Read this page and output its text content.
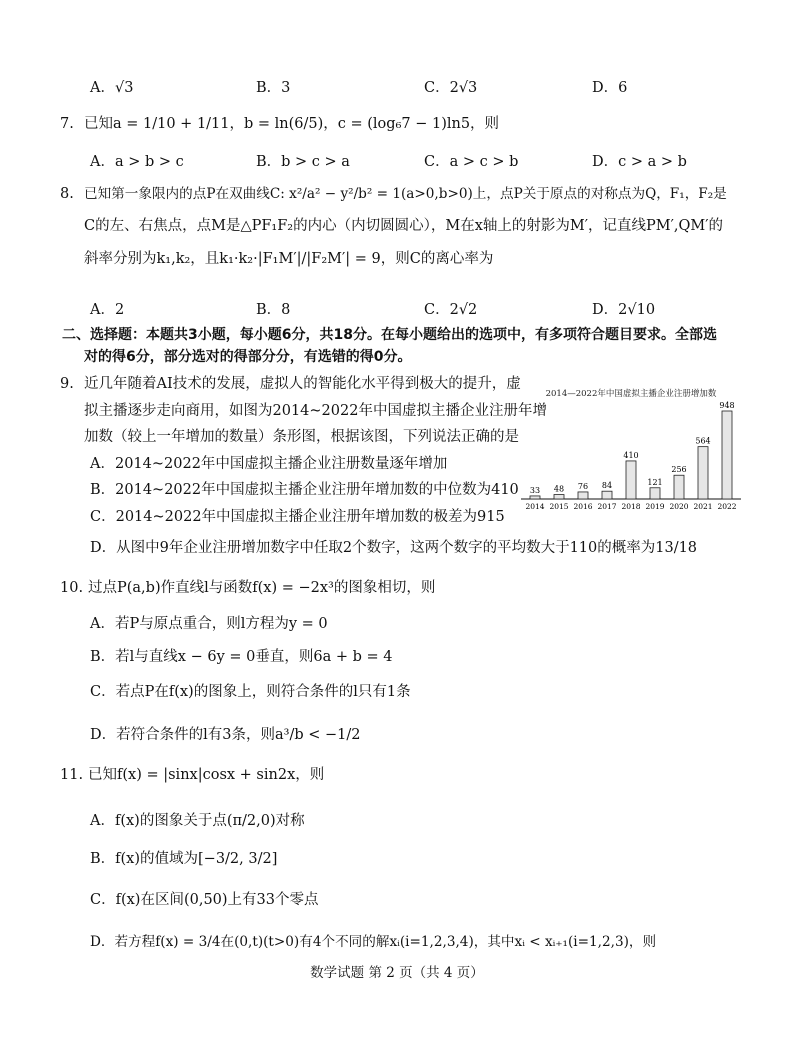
A．√3	B．3	C．2√3	D．6
7. 已知a = 1/10 + 1/11，b = ln(6/5)，c = (log₆7 − 1)ln5，则
A．a > b > c	B．b > c > a	C．a > c > b	D．c > a > b
8. 已知第一象限内的点P在双曲线C: x²/a² − y²/b² = 1(a>0,b>0)上，点P关于原点的对称点为Q，F₁，F₂是
C的左、右焦点，点M是△PF₁F₂的内心（内切圆圆心），M在x轴上的射影为M′，记直线PM′,QM′的
斜率分别为k₁,k₂，且k₁·k₂·|F₁M′|/|F₂M′| = 9，则C的离心率为
A．2	B．8	C．2√2	D．2√10
二、选择题：本题共3小题，每小题6分，共18分。在每小题给出的选项中，有多项符合题目要求。全部选
对的得6分，部分选对的得部分分，有选错的得0分。
9. 近几年随着AI技术的发展，虚拟人的智能化水平得到极大的提升，虚
拟主播逐步走向商用，如图为2014~2022年中国虚拟主播企业注册年增
加数（较上一年增加的数量）条形图，根据该图，下列说法正确的是
A．2014~2022年中国虚拟主播企业注册数量逐年增加
B．2014~2022年中国虚拟主播企业注册年增加数的中位数为410
C．2014~2022年中国虚拟主播企业注册年增加数的极差为915
D．从图中9年企业注册增加数字中任取2个数字，这两个数字的平均数大于110的概率为13/18
2014—2022年中国虚拟主播企业注册增加数
33
2014
48
2015
76
2016
84
2017
410
2018
121
2019
256
2020
564
2021
948
2022
10. 过点P(a,b)作直线l与函数f(x) = −2x³的图象相切，则
A．若P与原点重合，则l方程为y = 0
B．若l与直线x − 6y = 0垂直，则6a + b = 4
C．若点P在f(x)的图象上，则符合条件的l只有1条
D．若符合条件的l有3条，则a³/b < −1/2
11. 已知f(x) = |sinx|cosx + sin2x，则
A．f(x)的图象关于点(π/2,0)对称
B．f(x)的值域为[−3/2, 3/2]
C．f(x)在区间(0,50)上有33个零点
D．若方程f(x) = 3/4在(0,t)(t>0)有4个不同的解xᵢ(i=1,2,3,4)，其中xᵢ < xᵢ₊₁(i=1,2,3)，则
数学试题 第 2 页（共 4 页）
